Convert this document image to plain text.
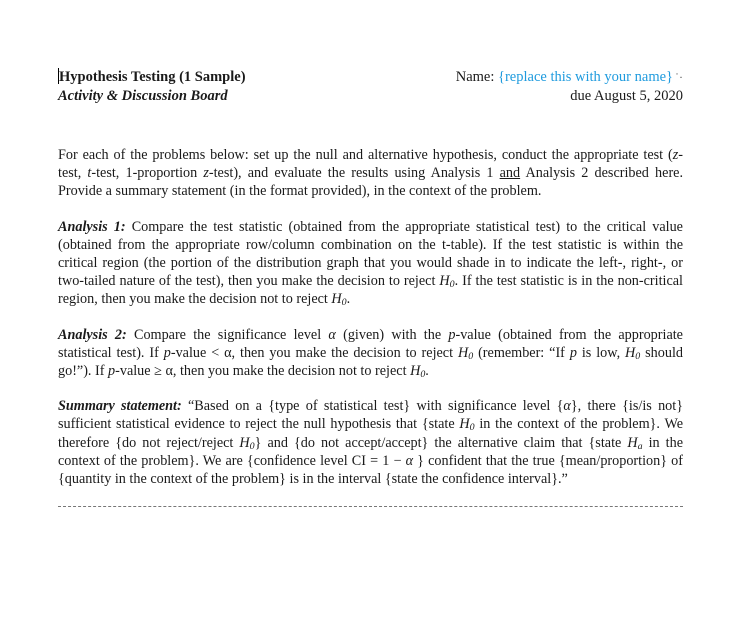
Hypothesis Testing (1 Sample)
Activity & Discussion Board
Name: {replace this with your name} ˙·
due August 5, 2020

For each of the problems below: set up the null and alternative hypothesis, conduct the appropriate test (z-test, t-test, 1-proportion z-test), and evaluate the results using Analysis 1 and Analysis 2 described here. Provide a summary statement (in the format provided), in the context of the problem.

Analysis 1: Compare the test statistic (obtained from the appropriate statistical test) to the critical value (obtained from the appropriate row/column combination on the t-table). If the test statistic is within the critical region (the portion of the distribution graph that you would shade in to indicate the left-, right-, or two-tailed nature of the test), then you make the decision to reject $H_0$. If the test statistic is in the non-critical region, then you make the decision not to reject $H_0$.

Analysis 2: Compare the significance level α (given) with the p-value (obtained from the appropriate statistical test). If p-value < α, then you make the decision to reject $H_0$ (remember: “If p is low, $H_0$ should go!”). If p-value ≥ α, then you make the decision not to reject $H_0$.

Summary statement: “Based on a {type of statistical test} with significance level {α}, there {is/is not} sufficient statistical evidence to reject the null hypothesis that {state $H_0$ in the context of the problem}. We therefore {do not reject/reject $H_0$} and {do not accept/accept} the alternative claim that {state $H_a$ in the context of the problem}. We are {confidence level CI = 1 − α } confident that the true {mean/proportion} of {quantity in the context of the problem} is in the interval {state the confidence interval}.”
